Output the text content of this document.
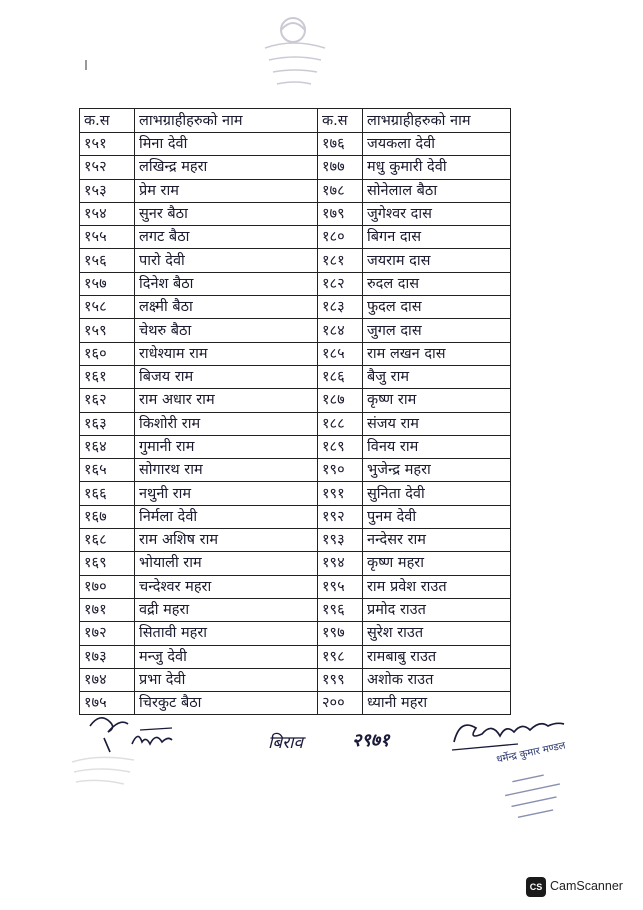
क.स	लाभग्राहीहरुको नाम	क.स	लाभग्राहीहरुको नाम
१५१	मिना देवी	१७६	जयकला देवी
१५२	लखिन्द्र महरा	१७७	मधु कुमारी देवी
१५३	प्रेम राम	१७८	सोनेलाल बैठा
१५४	सुनर बैठा	१७९	जुगेश्वर दास
१५५	लगट बैठा	१८०	बिगन दास
१५६	पारो देवी	१८१	जयराम दास
१५७	दिनेश बैठा	१८२	रुदल दास
१५८	लक्ष्मी बैठा	१८३	फुदल दास
१५९	चेथरु बैठा	१८४	जुगल दास
१६०	राधेश्याम राम	१८५	राम लखन दास
१६१	बिजय राम	१८६	बैजु राम
१६२	राम अधार राम	१८७	कृष्ण राम
१६३	किशोरी राम	१८८	संजय राम
१६४	गुमानी राम	१८९	विनय राम
१६५	सोगारथ राम	१९०	भुजेन्द्र महरा
१६६	नथुनी राम	१९१	सुनिता देवी
१६७	निर्मला देवी	१९२	पुनम देवी
१६८	राम अशिष राम	१९३	नन्देसर राम
१६९	भोयाली राम	१९४	कृष्ण महरा
१७०	चन्देश्वर महरा	१९५	राम प्रवेश राउत
१७१	वद्री महरा	१९६	प्रमोद राउत
१७२	सितावी महरा	१९७	सुरेश राउत
१७३	मन्जु देवी	१९८	रामबाबु राउत
१७४	प्रभा देवी	१९९	अशोक राउत
१७५	चिरकुट बैठा	२००	ध्यानी महरा
बिराव	२९७१	धर्मेन्द्र कुमार मण्डल
CS CamScanner
